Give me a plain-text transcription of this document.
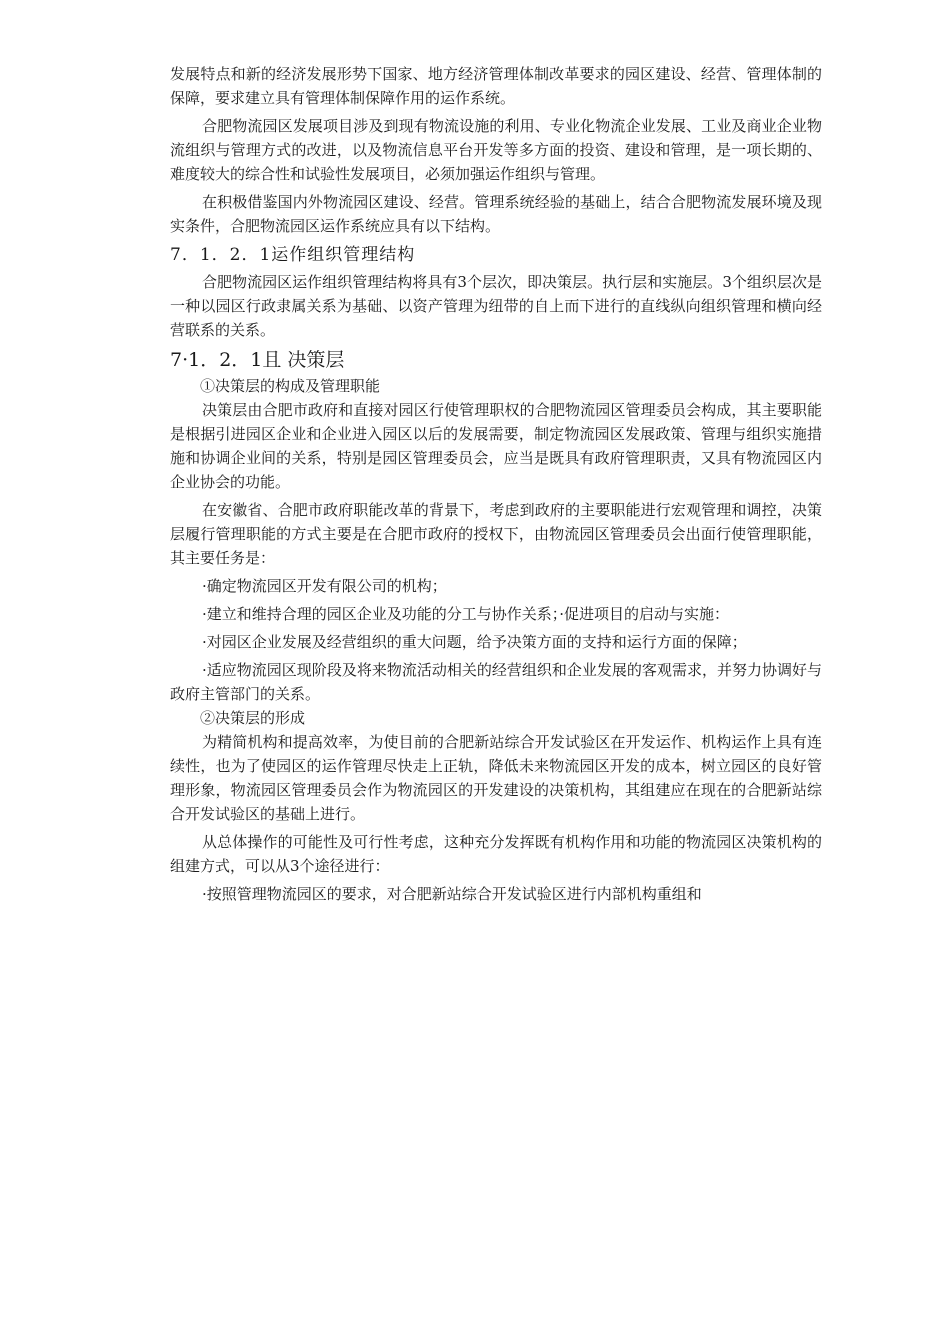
发展特点和新的经济发展形势下国家、地方经济管理体制改革要求的园区建设、经营、管理体制的保障，要求建立具有管理体制保障作用的运作系统。

合肥物流园区发展项目涉及到现有物流设施的利用、专业化物流企业发展、工业及商业企业物流组织与管理方式的改进，以及物流信息平台开发等多方面的投资、建设和管理，是一项长期的、难度较大的综合性和试验性发展项目，必须加强运作组织与管理。

在积极借鉴国内外物流园区建设、经营。管理系统经验的基础上，结合合肥物流发展环境及现实条件，合肥物流园区运作系统应具有以下结构。

7．1．2．1运作组织管理结构

合肥物流园区运作组织管理结构将具有3个层次，即决策层。执行层和实施层。3个组织层次是一种以园区行政隶属关系为基础、以资产管理为纽带的自上而下进行的直线纵向组织管理和横向经营联系的关系。

7·1．2．1且 决策层

①决策层的构成及管理职能

决策层由合肥市政府和直接对园区行使管理职权的合肥物流园区管理委员会构成，其主要职能是根据引进园区企业和企业进入园区以后的发展需要，制定物流园区发展政策、管理与组织实施措施和协调企业间的关系，特别是园区管理委员会，应当是既具有政府管理职责，又具有物流园区内企业协会的功能。

在安徽省、合肥市政府职能改革的背景下，考虑到政府的主要职能进行宏观管理和调控，决策层履行管理职能的方式主要是在合肥市政府的授权下，由物流园区管理委员会出面行使管理职能，其主要任务是：

·确定物流园区开发有限公司的机构；

·建立和维持合理的园区企业及功能的分工与协作关系；·促进项目的启动与实施：

·对园区企业发展及经营组织的重大问题，给予决策方面的支持和运行方面的保障；

·适应物流园区现阶段及将来物流活动相关的经营组织和企业发展的客观需求，并努力协调好与政府主管部门的关系。

②决策层的形成

为精简机构和提高效率，为使目前的合肥新站综合开发试验区在开发运作、机构运作上具有连续性，也为了使园区的运作管理尽快走上正轨，降低未来物流园区开发的成本，树立园区的良好管理形象，物流园区管理委员会作为物流园区的开发建设的决策机构，其组建应在现在的合肥新站综合开发试验区的基础上进行。

从总体操作的可能性及可行性考虑，这种充分发挥既有机构作用和功能的物流园区决策机构的组建方式，可以从3个途径进行：

·按照管理物流园区的要求，对合肥新站综合开发试验区进行内部机构重组和
